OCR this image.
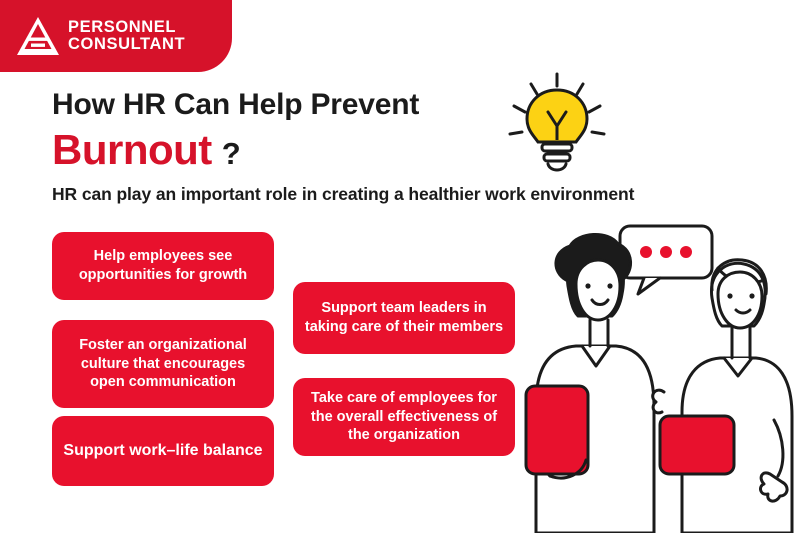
PERSONNEL
CONSULTANT
How HR Can Help Prevent
Burnout ?
HR can play an important role in creating a healthier work environment
Help employees see opportunities for growth
Foster an organizational culture that encourages open communication
Support work–life balance
Support team leaders in taking care of their members
Take care of employees for the overall effectiveness of the organization
